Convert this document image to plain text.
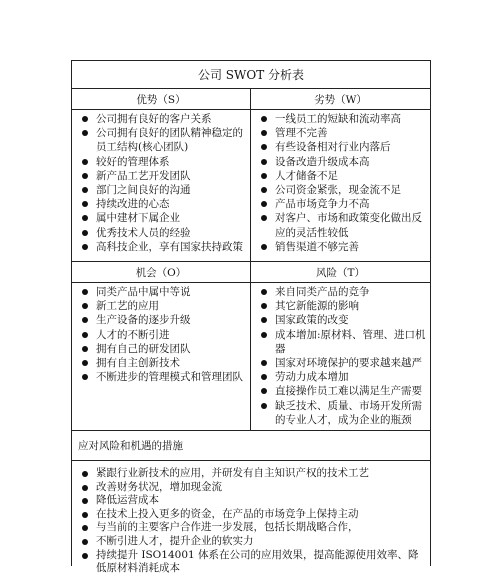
公司 SWOT 分析表
优势（S）
公司拥有良好的客户关系
公司拥有良好的团队精神稳定的员工结构(核心团队)
较好的管理体系
新产品工艺开发团队
部门之间良好的沟通
持续改进的心态
属中建材下属企业
优秀技术人员的经验
高科技企业，享有国家扶持政策
劣势（W）
一线员工的短缺和流动率高
管理不完善
有些设备相对行业内落后
设备改造升级成本高
人才储备不足
公司资金紧张，现金流不足
产品市场竞争力不高
对客户、市场和政策变化做出反应的灵活性较低
销售渠道不够完善
机会（O）
同类产品中属中等说
新工艺的应用
生产设备的逐步升级
人才的不断引进
拥有自己的研发团队
拥有自主创新技术
不断进步的管理模式和管理团队
风险（T）
来自同类产品的竞争
其它新能源的影响
国家政策的改变
成本增加:原材料、管理、进口机器
国家对环境保护的要求越来越严
劳动力成本增加
直接操作员工难以满足生产需要
缺乏技术、质量、市场开发所需的专业人才，成为企业的瓶颈
应对风险和机遇的措施
紧跟行业新技术的应用，并研发有自主知识产权的技术工艺
改善财务状况，增加现金流
降低运营成本
在技术上投入更多的资金，在产品的市场竞争上保持主动
与当前的主要客户合作进一步发展，包括长期战略合作，
不断引进人才，提升企业的软实力
持续提升 ISO14001 体系在公司的应用效果，提高能源使用效率、降低原材料消耗成本
